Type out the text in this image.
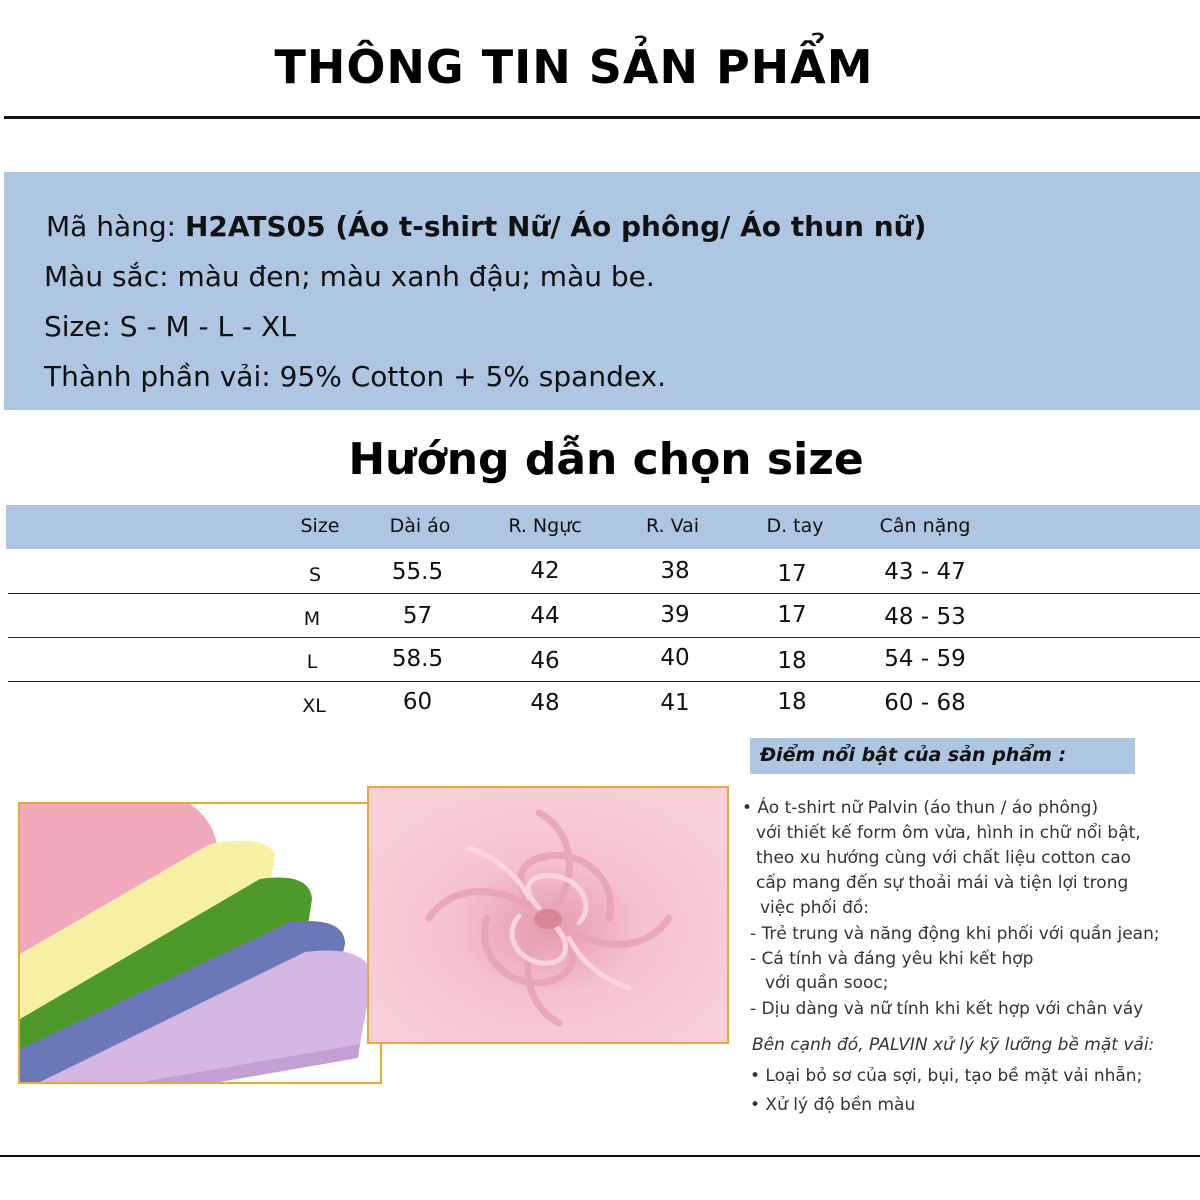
THÔNG TIN SẢN PHẨM
Mã hàng: H2ATS05 (Áo t-shirt Nữ/ Áo phông/ Áo thun nữ)
Màu sắc: màu đen; màu xanh đậu; màu be.
Size: S - M - L - XL
Thành phần vải: 95% Cotton + 5% spandex.
Hướng dẫn chọn size
Size	Dài áo	R. Ngực	R. Vai	D. tay	Cân nặng
S	55.5	42	38	17	43 - 47
M	57	44	39	17	48 - 53
L	58.5	46	40	18	54 - 59
XL	60	48	41	18	60 - 68
Điểm nổi bật của sản phẩm :
• Áo t-shirt nữ Palvin (áo thun / áo phông)
với thiết kế form ôm vừa, hình in chữ nổi bật,
theo xu hướng cùng với chất liệu cotton cao
cấp mang đến sự thoải mái và tiện lợi trong
việc phối đồ:
- Trẻ trung và năng động khi phối với quần jean;
- Cá tính và đáng yêu khi kết hợp
với quần sooc;
- Dịu dàng và nữ tính khi kết hợp với chân váy
Bên cạnh đó, PALVIN xử lý kỹ lưỡng bề mặt vải:
• Loại bỏ sơ của sợi, bụi, tạo bề mặt vải nhẵn;
• Xử lý độ bền màu
